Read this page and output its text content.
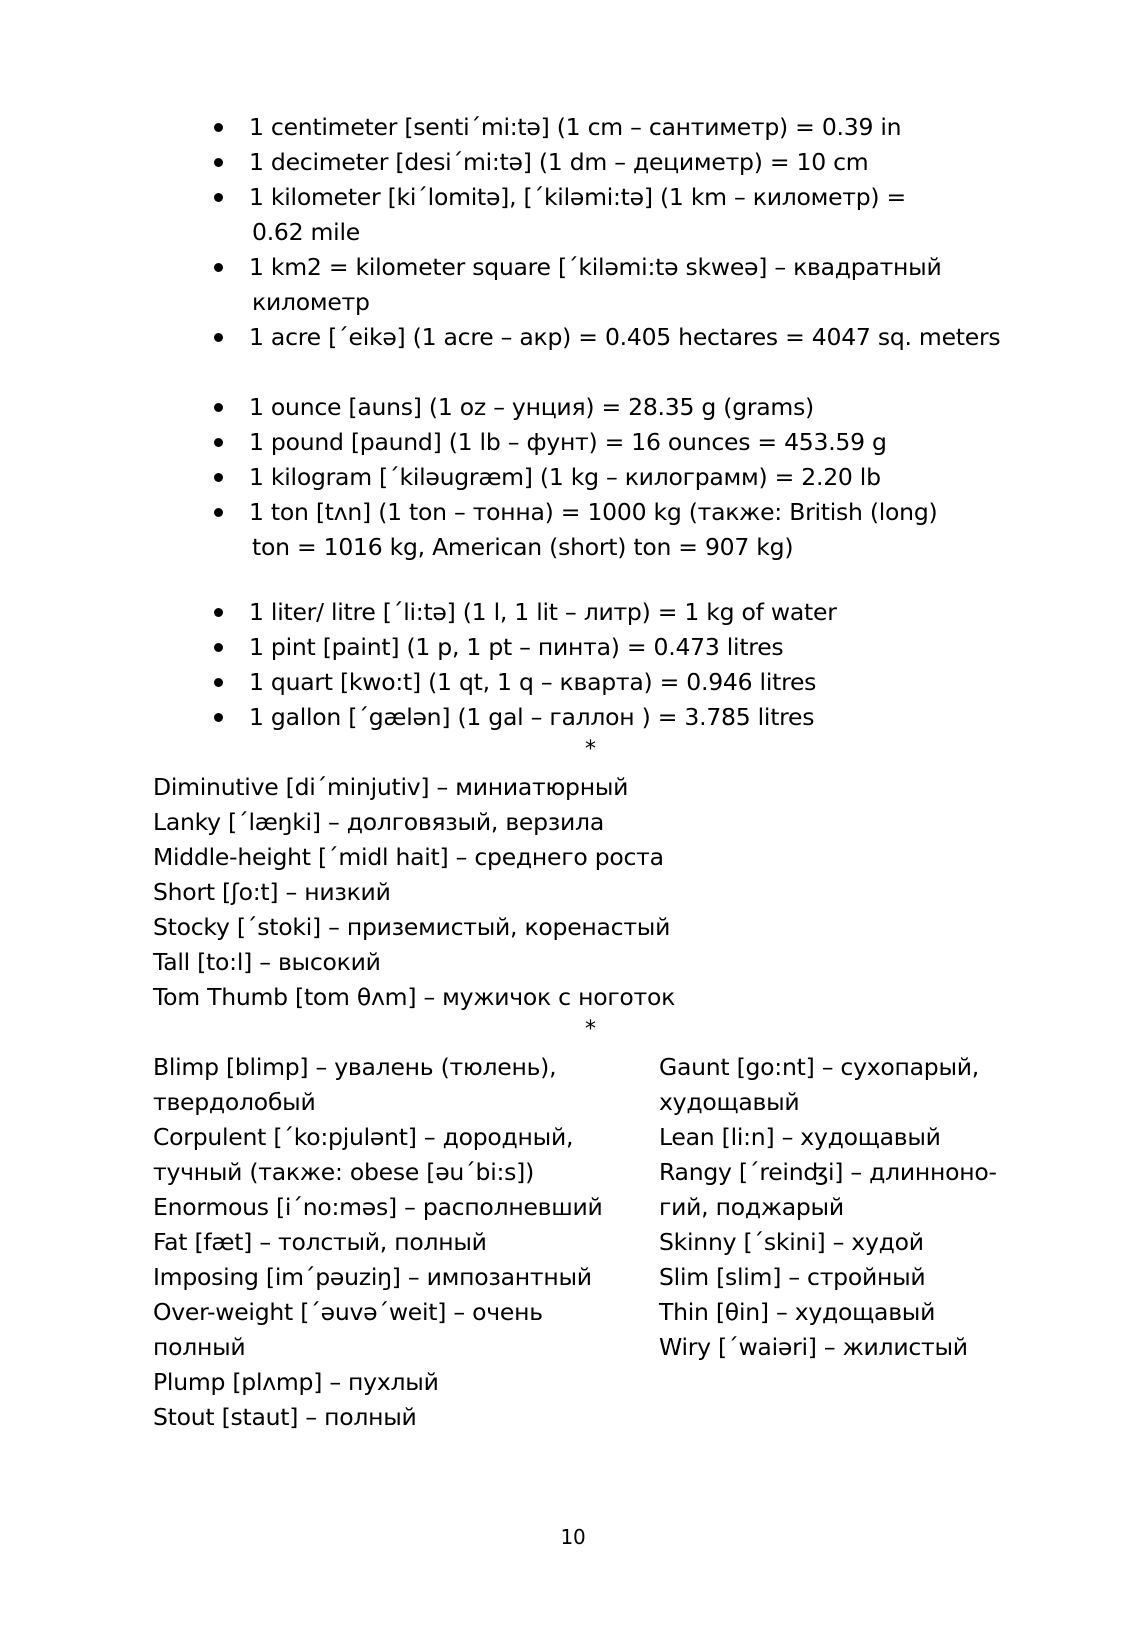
1 centimeter [sentiˊmi:tə] (1 cm – сантиметр) = 0.39 in
1 decimeter [desiˊmi:tə] (1 dm – дециметр) = 10 cm
1 kilometer [kiˊlomitə], [ˊkiləmi:tə] (1 km – километр) =
0.62 mile
1 km2 = kilometer square [ˊkiləmi:tə skweə] – квадратный
километр
1 acre [ˊeikə] (1 acre – акр) = 0.405 hectares = 4047 sq. meters
1 ounce [auns] (1 oz – унция) = 28.35 g (grams)
1 pound [paund] (1 lb – фунт) = 16 ounces = 453.59 g
1 kilogram [ˊkiləugræm] (1 kg – килограмм) = 2.20 lb
1 ton [tʌn] (1 ton – тонна) = 1000 kg (также: British (long)
ton = 1016 kg, American (short) ton = 907 kg)
1 liter/ litre [ˊli:tə] (1 l, 1 lit – литр) = 1 kg of water
1 pint [paint] (1 p, 1 pt – пинта) = 0.473 litres
1 quart [kwo:t] (1 qt, 1 q – кварта) = 0.946 litres
1 gallon [ˊgælən] (1 gal – галлон ) = 3.785 litres
*
Diminutive [diˊminjutiv] – миниатюрный
Lanky [ˊlæŋki] – долговязый, верзила
Middle-height [ˊmidl hait] – среднего роста
Short [ʃo:t] – низкий
Stocky [ˊstoki] – приземистый, коренастый
Tall [to:l] – высокий
Tom Thumb [tom θʌm] – мужичок с ноготок
*
Blimp [blimp] – увалень (тюлень),
твердолобый
Corpulent [ˊko:pjulənt] – дородный,
тучный (также: obese [əuˊbi:s])
Enormous [iˊno:məs] – располневший
Fat [fæt] – толстый, полный
Imposing [imˊpəuziŋ] – импозантный
Over-weight [ˊəuvəˊweit] – очень
полный
Plump [plʌmp] – пухлый
Stout [staut] – полный
Gaunt [go:nt] – сухопарый,
худощавый
Lean [li:n] – худощавый
Rangy [ˊreinʤi] – длинноно-
гий, поджарый
Skinny [ˊskini] – худой
Slim [slim] – стройный
Thin [θin] – худощавый
Wiry [ˊwaiəri] – жилистый
10
